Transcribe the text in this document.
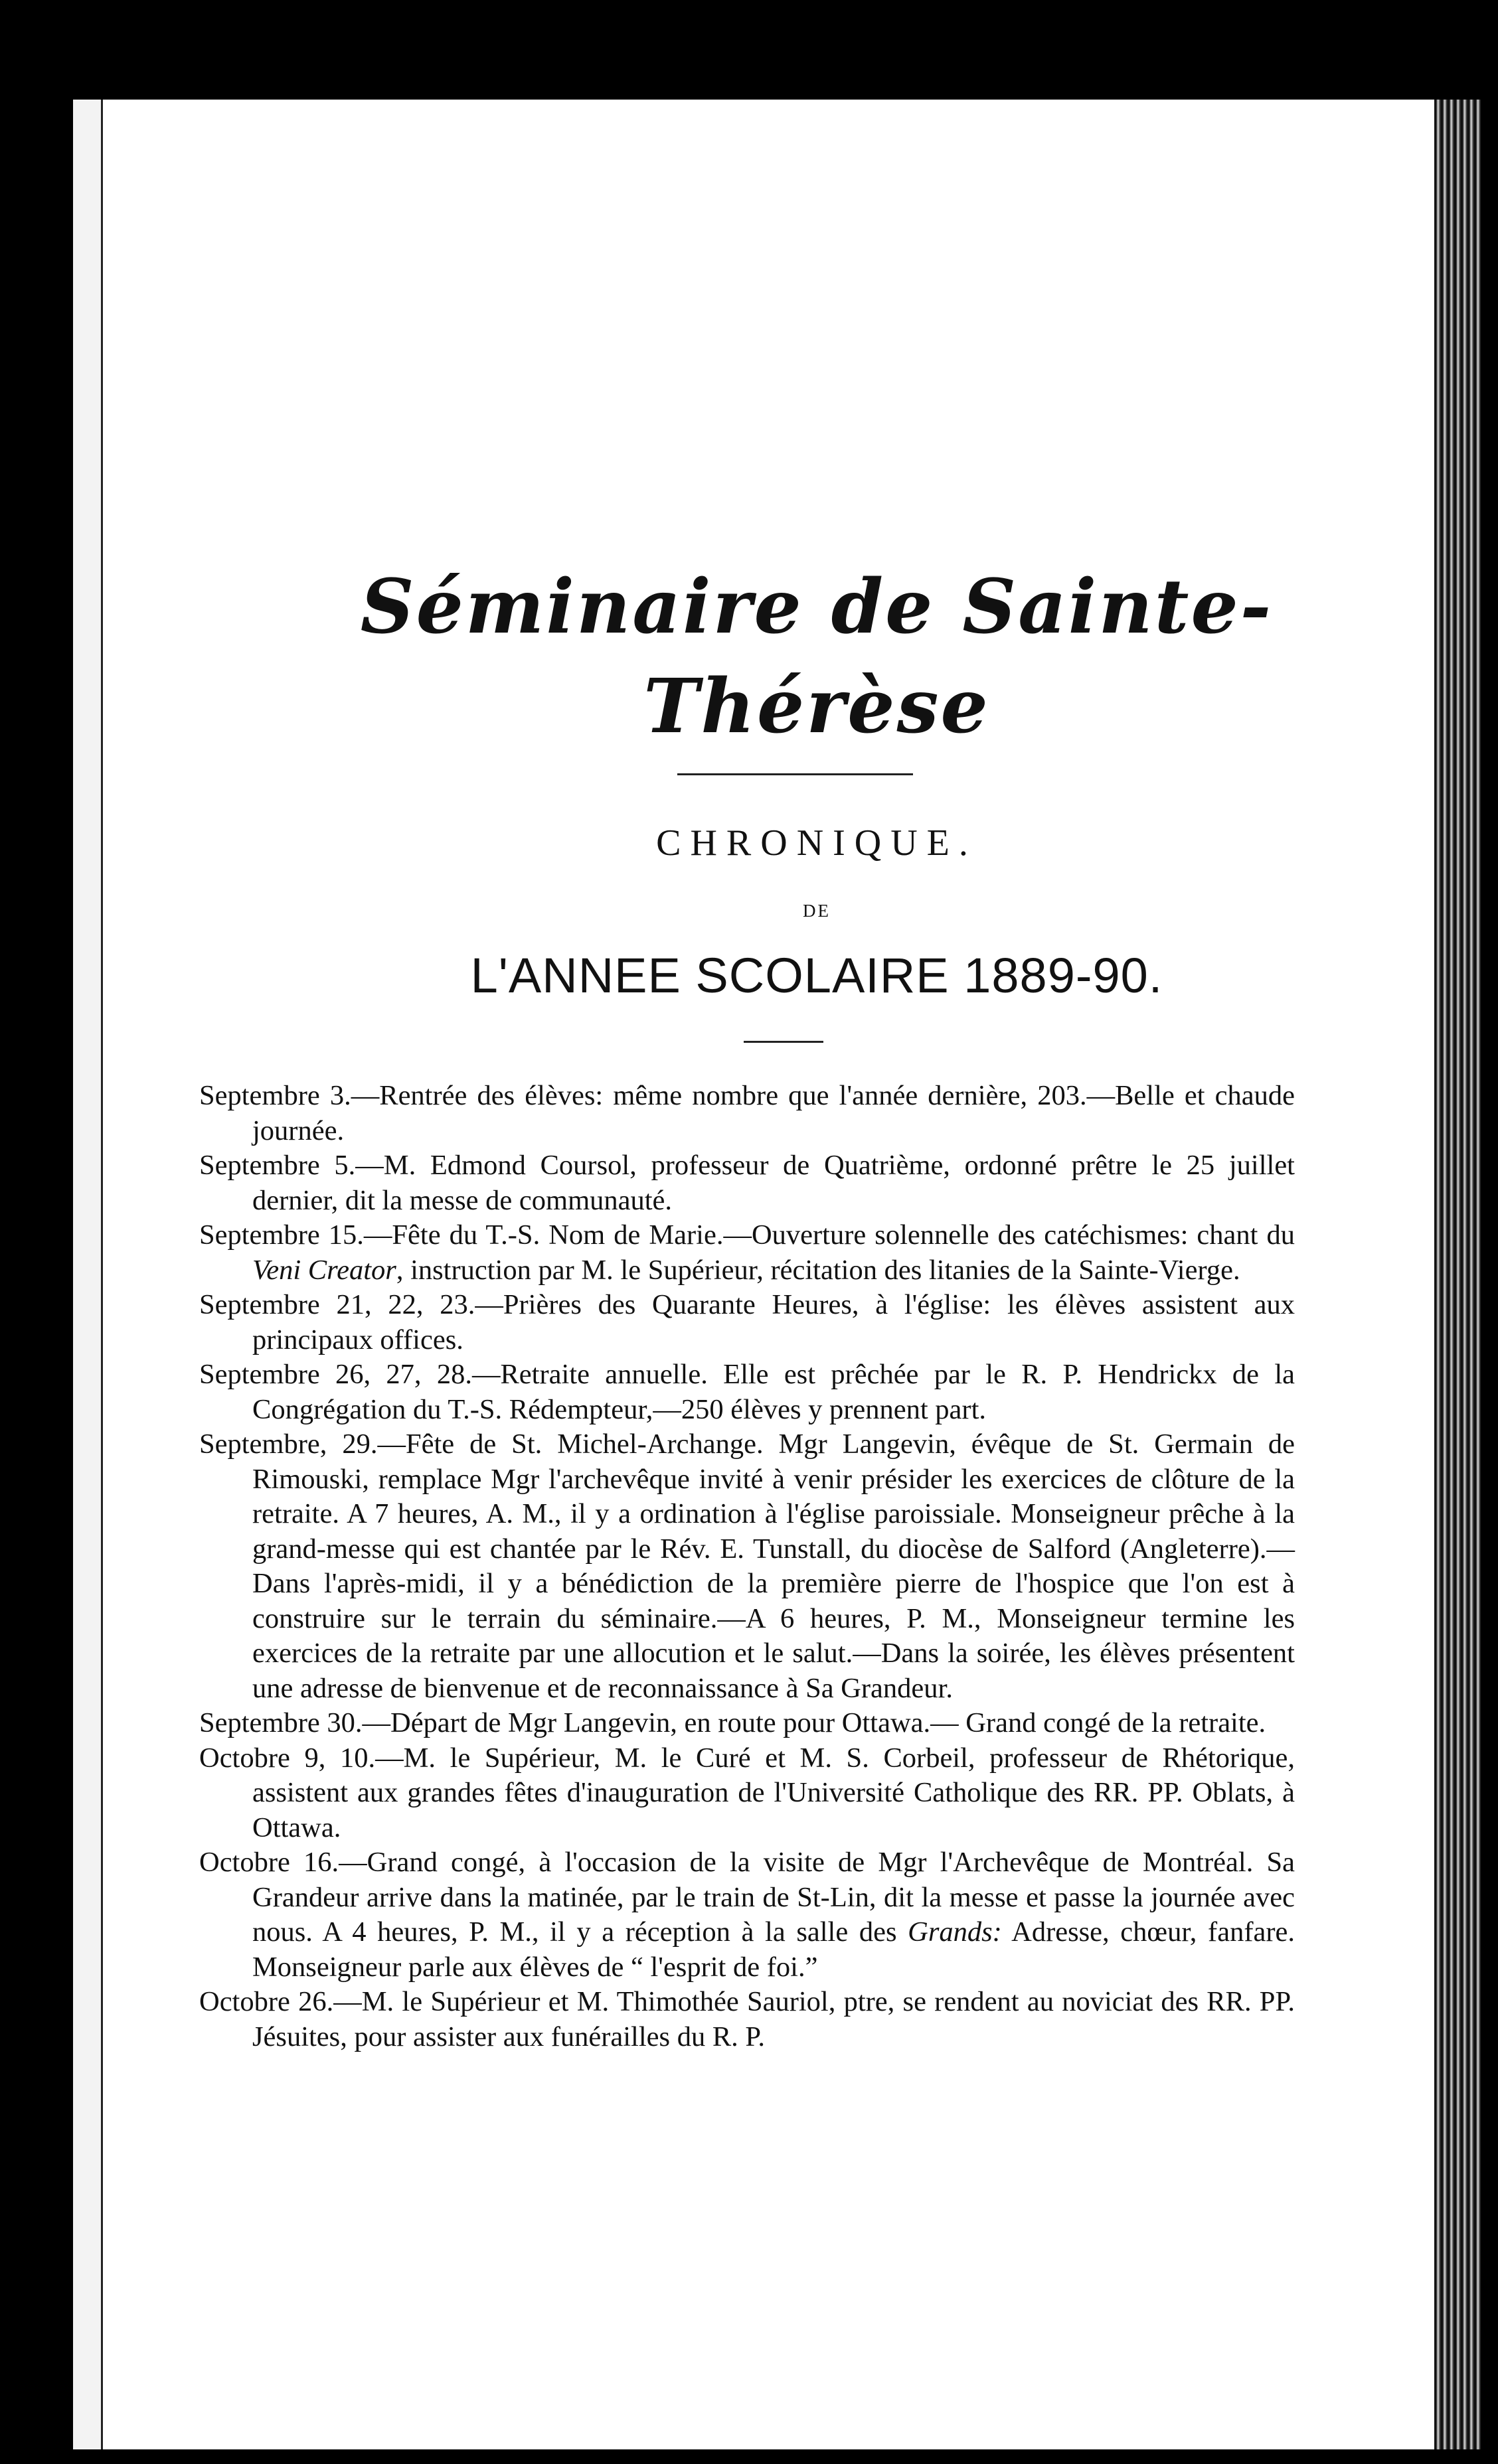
Séminaire de Sainte-Thérèse
CHRONIQUE.
DE
L'ANNEE SCOLAIRE 1889-90.

Septembre 3.—Rentrée des élèves: même nombre que l'année dernière, 203.—Belle et chaude journée.

Septembre 5.—M. Edmond Coursol, professeur de Quatrième, ordonné prêtre le 25 juillet dernier, dit la messe de communauté.

Septembre 15.—Fête du T.-S. Nom de Marie.—Ouverture solennelle des catéchismes: chant du Veni Creator, instruction par M. le Supérieur, récitation des litanies de la Sainte-Vierge.

Septembre 21, 22, 23.—Prières des Quarante Heures, à l'église: les élèves assistent aux principaux offices.

Septembre 26, 27, 28.—Retraite annuelle. Elle est prêchée par le R. P. Hendrickx de la Congrégation du T.-S. Rédempteur,—250 élèves y prennent part.

Septembre, 29.—Fête de St. Michel-Archange. Mgr Langevin, évêque de St. Germain de Rimouski, remplace Mgr l'archevêque invité à venir présider les exercices de clôture de la retraite. A 7 heures, A. M., il y a ordination à l'église paroissiale. Monseigneur prêche à la grand-messe qui est chantée par le Rév. E. Tunstall, du diocèse de Salford (Angleterre).—Dans l'après-midi, il y a bénédiction de la première pierre de l'hospice que l'on est à construire sur le terrain du séminaire.—A 6 heures, P. M., Monseigneur termine les exercices de la retraite par une allocution et le salut.—Dans la soirée, les élèves présentent une adresse de bienvenue et de reconnaissance à Sa Grandeur.

Septembre 30.—Départ de Mgr Langevin, en route pour Ottawa.— Grand congé de la retraite.

Octobre 9, 10.—M. le Supérieur, M. le Curé et M. S. Corbeil, professeur de Rhétorique, assistent aux grandes fêtes d'inauguration de l'Université Catholique des RR. PP. Oblats, à Ottawa.

Octobre 16.—Grand congé, à l'occasion de la visite de Mgr l'Archevêque de Montréal. Sa Grandeur arrive dans la matinée, par le train de St-Lin, dit la messe et passe la journée avec nous. A 4 heures, P. M., il y a réception à la salle des Grands: Adresse, chœur, fanfare. Monseigneur parle aux élèves de “ l'esprit de foi.”

Octobre 26.—M. le Supérieur et M. Thimothée Sauriol, ptre, se rendent au noviciat des RR. PP. Jésuites, pour assister aux funérailles du R. P.
